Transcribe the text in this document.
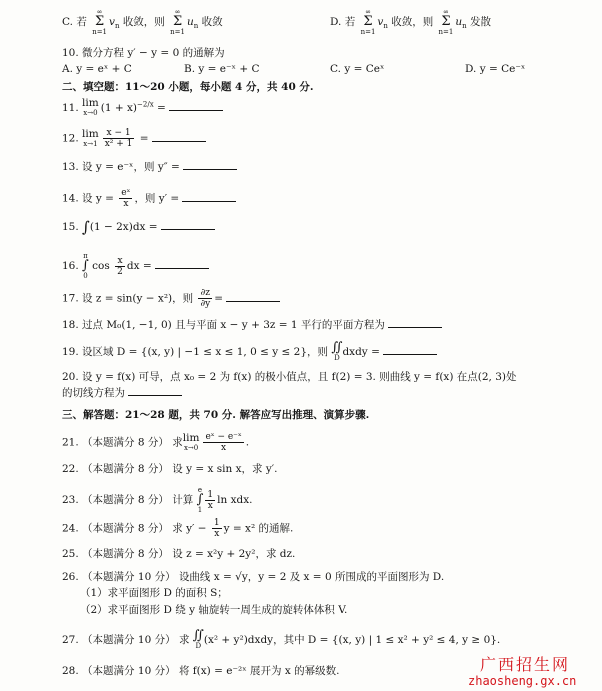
C. 若
∞
Σ
n=1
$v_n$ 收敛，则
∞
Σ
n=1
$u_n$ 收敛	D. 若
∞
Σ
n=1
$v_n$ 收敛，则
∞
Σ
n=1
$u_n$ 发散
10. 微分方程 y′ − y = 0 的通解为
A. y = eˣ + C	B. y = e⁻ˣ + C	C. y = Ceˣ	D. y = Ce⁻ˣ
二、填空题：11～20 小题，每小题 4 分，共 40 分.
11. lim
x→0 $(1 + x)^{-2/x}$ =
12. lim
$x\to 1 \frac{x - 1}{\text{x² + 1}}$ =
13. 设 y = e⁻ˣ，则 y″ =
14. 设 $y = \frac{\text{eˣ}}{x}$ ，则 y′ =
15. ∫(1 − 2x)dx =
16.
π
∫
0
$\cos \frac{x}{2}$ dx =
17. 设 z = sin(y − x²)，则 $\frac{\partial z}{\partial y}$ =
18. 过点 M₀(1, −1, 0) 且与平面 x − y + 3z = 1 平行的平面方程为
19. 设区域 D = {(x, y) | −1 ≤ x ≤ 1, 0 ≤ y ≤ 2}，则 ∬
D dxdy =
20. 设 y = f(x) 可导，点 x₀ = 2 为 f(x) 的极小值点，且 f(2) = 3. 则曲线 y = f(x) 在点(2, 3)处
的切线方程为
三、解答题：21～28 题，共 70 分. 解答应写出推理、演算步骤.
21. （本题满分 8 分） 求 lim
$x\to 0 \frac{\text{eˣ − e⁻ˣ}}{x}$ .
22. （本题满分 8 分） 设 y = x sin x，求 y′.
23. （本题满分 8 分） 计算
e
∫
$1 \frac{1}{x}$ ln xdx.
24. （本题满分 8 分） 求 $y' - \frac{1}{x}$ y = x² 的通解.
25. （本题满分 8 分） 设 z = x²y + 2y²，求 dz.
26. （本题满分 10 分） 设曲线 x = √y，y = 2 及 x = 0 所围成的平面图形为 D.
（1）求平面图形 D 的面积 S；
（2）求平面图形 D 绕 y 轴旋转一周生成的旋转体体积 V.
27. （本题满分 10 分） 求 ∬
D (x² + y²)dxdy，其中 D = {(x, y) | 1 ≤ x² + y² ≤ 4, y ≥ 0}.
28. （本题满分 10 分） 将 f(x) = e⁻²ˣ 展开为 x 的幂级数.	广西招生网
zhaosheng.gx.cn
